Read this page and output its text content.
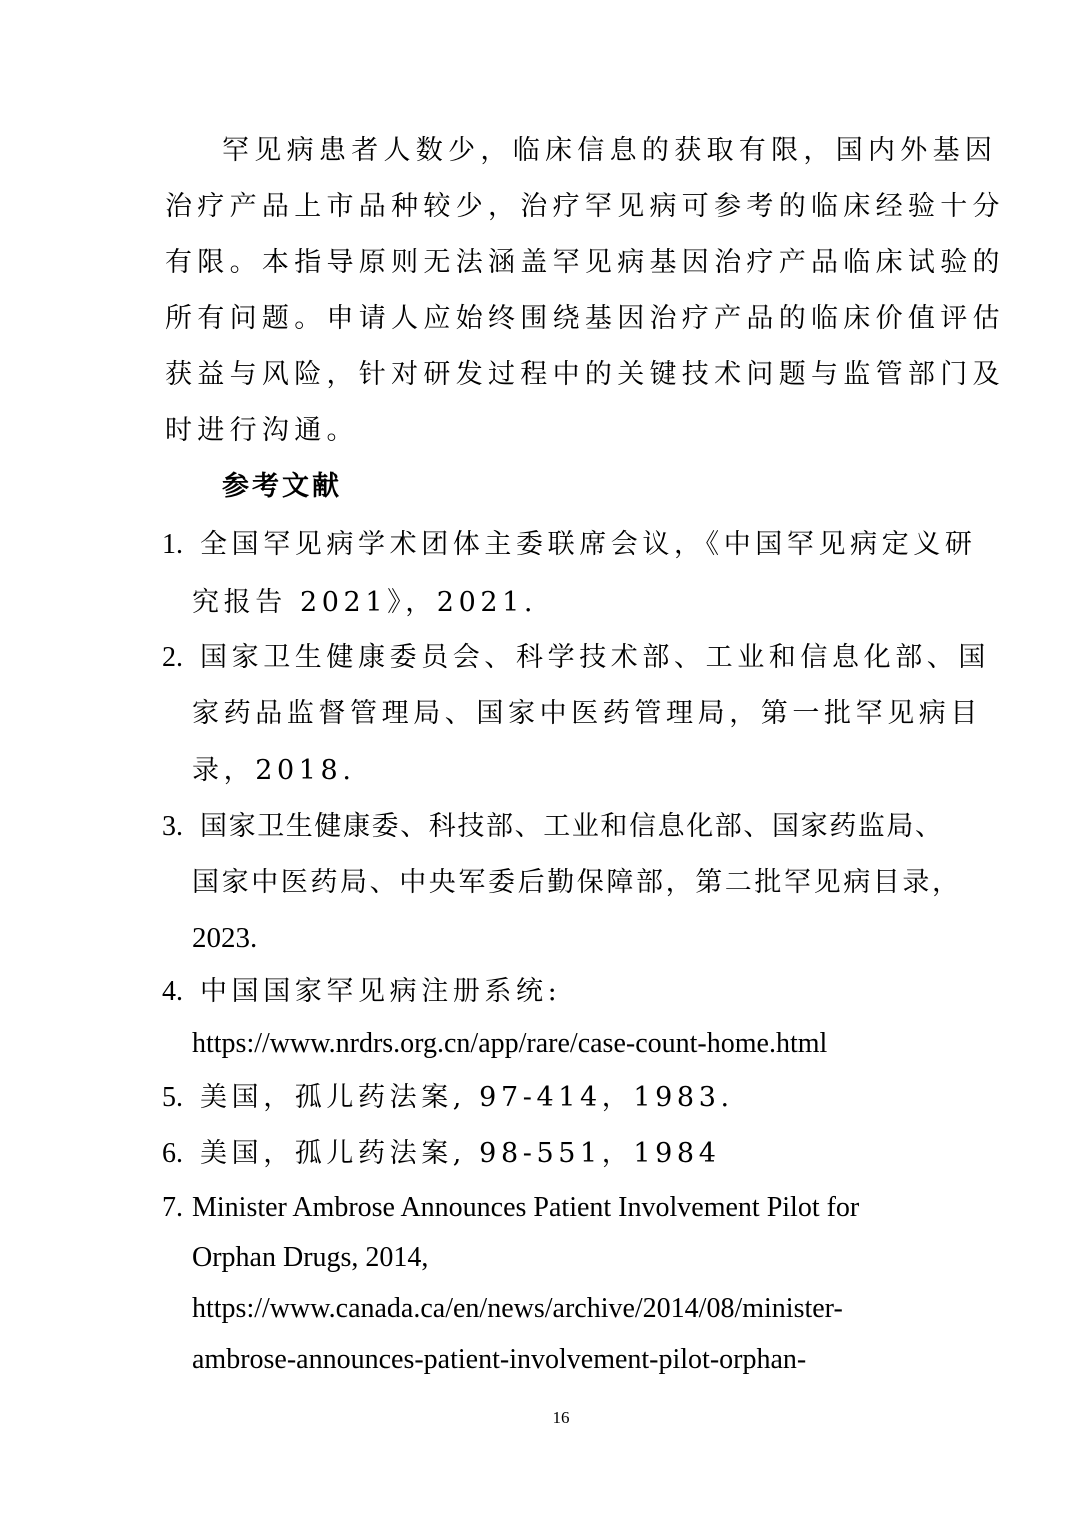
罕见病患者人数少，临床信息的获取有限，国内外基因
治疗产品上市品种较少，治疗罕见病可参考的临床经验十分
有限。本指导原则无法涵盖罕见病基因治疗产品临床试验的
所有问题。申请人应始终围绕基因治疗产品的临床价值评估
获益与风险，针对研发过程中的关键技术问题与监管部门及
时进行沟通。
参考文献
1. 全国罕见病学术团体主委联席会议，《中国罕见病定义研
究报告 2021》，2021.
2. 国家卫生健康委员会、科学技术部、工业和信息化部、国
家药品监督管理局、国家中医药管理局，第一批罕见病目
录，2018.
3. 国家卫生健康委、科技部、工业和信息化部、国家药监局、
国家中医药局、中央军委后勤保障部，第二批罕见病目录，
2023.
4. 中国国家罕见病注册系统:
https://www.nrdrs.org.cn/app/rare/case-count-home.html
5. 美国，孤儿药法案, 97-414，1983.
6. 美国，孤儿药法案, 98-551，1984
7. Minister Ambrose Announces Patient Involvement Pilot for
Orphan Drugs, 2014,
https://www.canada.ca/en/news/archive/2014/08/minister-
ambrose-announces-patient-involvement-pilot-orphan-
16
